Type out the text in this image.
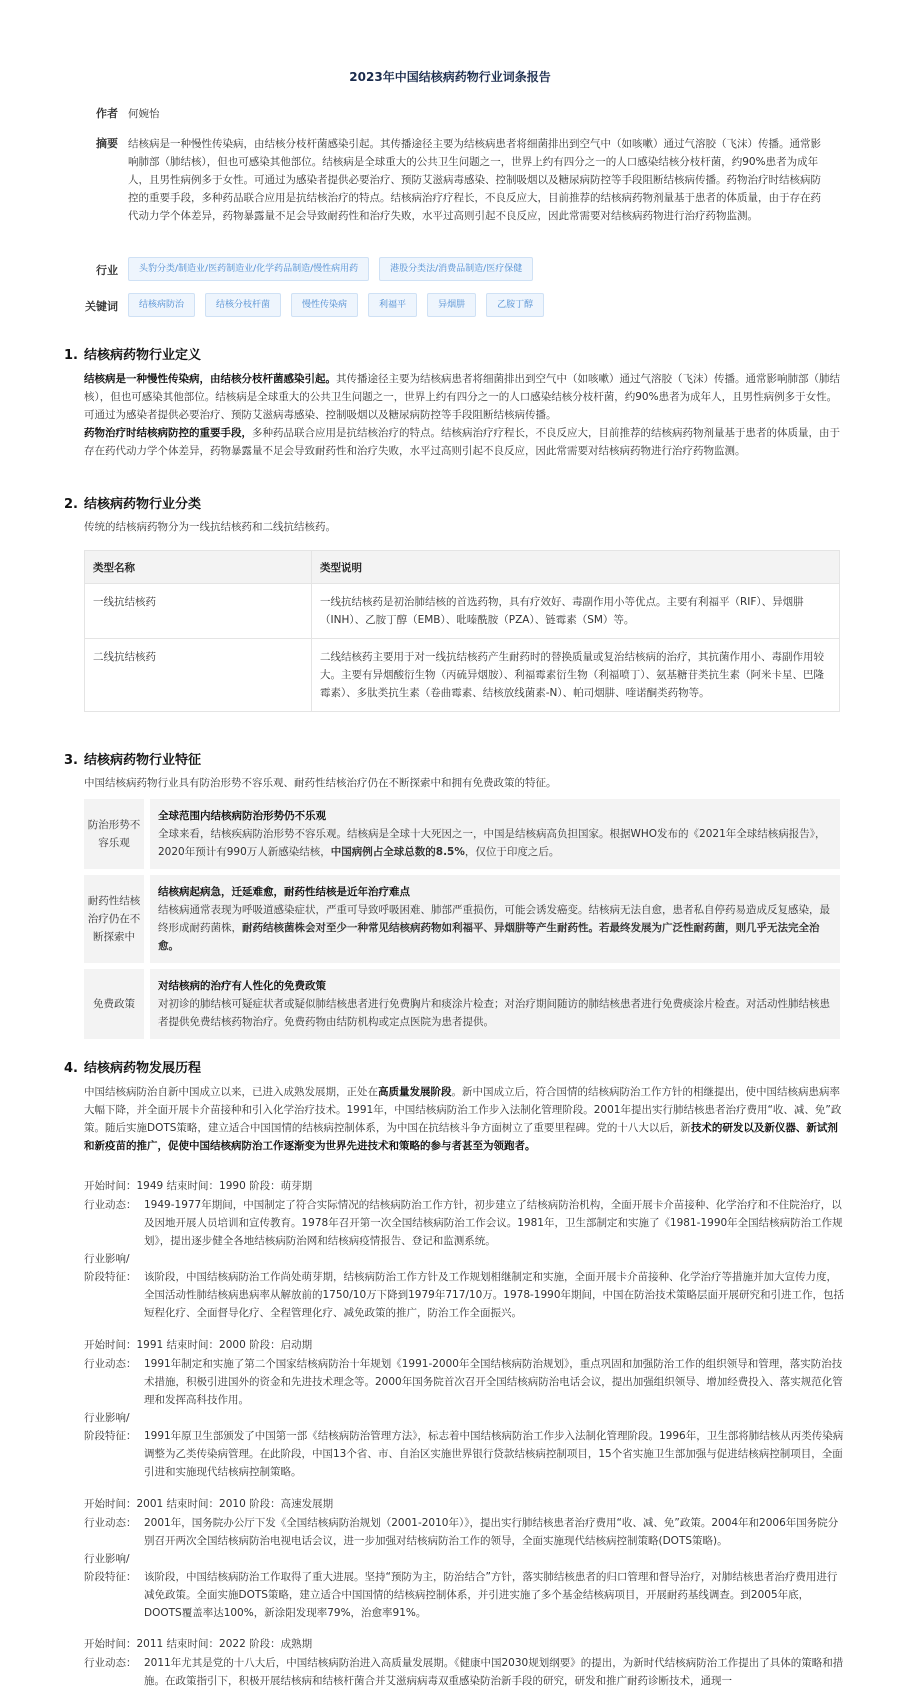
2023年中国结核病药物行业词条报告
作者 何婉怡
摘要 结核病是一种慢性传染病，由结核分枝杆菌感染引起。其传播途径主要为结核病患者将细菌排出到空气中（如咳嗽）通过气溶胶（飞沫）传播。通常影响肺部（肺结核），但也可感染其他部位。结核病是全球重大的公共卫生问题之一，世界上约有四分之一的人口感染结核分枝杆菌，约90%患者为成年人，且男性病例多于女性。可通过为感染者提供必要治疗、预防艾滋病毒感染、控制吸烟以及糖尿病防控等手段阻断结核病传播。药物治疗时结核病防控的重要手段，多种药品联合应用是抗结核治疗的特点。结核病治疗疗程长，不良反应大，目前推荐的结核病药物剂量基于患者的体质量，由于存在药代动力学个体差异，药物暴露量不足会导致耐药性和治疗失败，水平过高则引起不良反应，因此常需要对结核病药物进行治疗药物监测。

行业	头豹分类/制造业/医药制造业/化学药品制造/慢性病用药	港股分类法/消费品制造/医疗保健
关键词	结核病防治	结核分枝杆菌	慢性传染病	利福平	异烟肼	乙胺丁醇
1. 结核病药物行业定义

结核病是一种慢性传染病，由结核分枝杆菌感染引起。其传播途径主要为结核病患者将细菌排出到空气中（如咳嗽）通过气溶胶（飞沫）传播。通常影响肺部（肺结核），但也可感染其他部位。结核病是全球重大的公共卫生问题之一，世界上约有四分之一的人口感染结核分枝杆菌，约90%患者为成年人，且男性病例多于女性。可通过为感染者提供必要治疗、预防艾滋病毒感染、控制吸烟以及糖尿病防控等手段阻断结核病传播。

药物治疗时结核病防控的重要手段，多种药品联合应用是抗结核治疗的特点。结核病治疗疗程长，不良反应大，目前推荐的结核病药物剂量基于患者的体质量，由于存在药代动力学个体差异，药物暴露量不足会导致耐药性和治疗失败，水平过高则引起不良反应，因此常需要对结核病药物进行治疗药物监测。

2. 结核病药物行业分类

传统的结核病药物分为一线抗结核药和二线抗结核药。

类型名称	类型说明
一线抗结核药	一线抗结核药是初治肺结核的首选药物，具有疗效好、毒副作用小等优点。主要有利福平（RIF）、异烟肼（INH）、乙胺丁醇（EMB）、吡嗪酰胺（PZA）、链霉素（SM）等。
二线抗结核药	二线结核药主要用于对一线抗结核药产生耐药时的替换质量或复治结核病的治疗，其抗菌作用小、毒副作用较大。主要有异烟酸衍生物（丙硫异烟胺）、利福霉素衍生物（利福喷丁）、氨基糖苷类抗生素（阿米卡星、巴隆霉素）、多肽类抗生素（卷曲霉素、结核放线菌素-N）、帕司烟肼、喹诺酮类药物等。
3. 结核病药物行业特征

中国结核病药物行业具有防治形势不容乐观、耐药性结核治疗仍在不断探索中和拥有免费政策的特征。

防治形势不容乐观
全球范围内结核病防治形势仍不乐观
全球来看，结核疾病防治形势不容乐观。结核病是全球十大死因之一，中国是结核病高负担国家。根据WHO发布的《2021年全球结核病报告》，2020年预计有990万人新感染结核，中国病例占全球总数的8.5%，仅位于印度之后。
耐药性结核治疗仍在不断探索中
结核病起病急，迁延难愈，耐药性结核是近年治疗难点
结核病通常表现为呼吸道感染症状，严重可导致呼吸困难、肺部严重损伤，可能会诱发癌变。结核病无法自愈，患者私自停药易造成反复感染，最终形成耐药菌株，耐药结核菌株会对至少一种常见结核病药物如利福平、异烟肼等产生耐药性。若最终发展为广泛性耐药菌，则几乎无法完全治愈。
免费政策
对结核病的治疗有人性化的免费政策
对初诊的肺结核可疑症状者或疑似肺结核患者进行免费胸片和痰涂片检查；对治疗期间随访的肺结核患者进行免费痰涂片检查。对活动性肺结核患者提供免费结核药物治疗。免费药物由结防机构或定点医院为患者提供。
4. 结核病药物发展历程

中国结核病防治自新中国成立以来，已进入成熟发展期，正处在高质量发展阶段。新中国成立后，符合国情的结核病防治工作方针的相继提出，使中国结核病患病率大幅下降，并全面开展卡介苗接种和引入化学治疗技术。1991年，中国结核病防治工作步入法制化管理阶段。2001年提出实行肺结核患者治疗费用“收、减、免”政策。随后实施DOTS策略，建立适合中国国情的结核病控制体系，为中国在抗结核斗争方面树立了重要里程碑。党的十八大以后，新技术的研发以及新仪器、新试剂和新疫苗的推广，促使中国结核病防治工作逐渐变为世界先进技术和策略的参与者甚至为领跑者。

开始时间：1949 结束时间：1990 阶段：萌芽期
行业动态： 1949-1977年期间，中国制定了符合实际情况的结核病防治工作方针，初步建立了结核病防治机构，全面开展卡介苗接种、化学治疗和不住院治疗，以及因地开展人员培训和宣传教育。1978年召开第一次全国结核病防治工作会议。1981年，卫生部制定和实施了《1981-1990年全国结核病防治工作规划》，提出逐步健全各地结核病防治网和结核病疫情报告、登记和监测系统。

行业影响/
阶段特征： 该阶段，中国结核病防治工作尚处萌芽期，结核病防治工作方针及工作规划相继制定和实施，全面开展卡介苗接种、化学治疗等措施并加大宣传力度，全国活动性肺结核病患病率从解放前的1750/10万下降到1979年717/10万。1978-1990年期间，中国在防治技术策略层面开展研究和引进工作，包括短程化疗、全面督导化疗、全程管理化疗、减免政策的推广，防治工作全面振兴。

开始时间：1991 结束时间：2000 阶段：启动期
行业动态： 1991年制定和实施了第二个国家结核病防治十年规划《1991-2000年全国结核病防治规划》，重点巩固和加强防治工作的组织领导和管理，落实防治技术措施，积极引进国外的资金和先进技术理念等。2000年国务院首次召开全国结核病防治电话会议，提出加强组织领导、增加经费投入、落实规范化管理和发挥高科技作用。

行业影响/
阶段特征： 1991年原卫生部颁发了中国第一部《结核病防治管理方法》，标志着中国结核病防治工作步入法制化管理阶段。1996年，卫生部将肺结核从丙类传染病调整为乙类传染病管理。在此阶段，中国13个省、市、自治区实施世界银行贷款结核病控制项目，15个省实施卫生部加强与促进结核病控制项目，全面引进和实施现代结核病控制策略。

开始时间：2001 结束时间：2010 阶段：高速发展期
行业动态： 2001年，国务院办公厅下发《全国结核病防治规划（2001-2010年）》，提出实行肺结核患者治疗费用“收、减、免”政策。2004年和2006年国务院分别召开两次全国结核病防治电视电话会议，进一步加强对结核病防治工作的领导，全面实施现代结核病控制策略(DOTS策略)。

行业影响/
阶段特征： 该阶段，中国结核病防治工作取得了重大进展。坚持“预防为主，防治结合”方针，落实肺结核患者的归口管理和督导治疗，对肺结核患者治疗费用进行减免政策。全面实施DOTS策略，建立适合中国国情的结核病控制体系，并引进实施了多个基金结核病项目，开展耐药基线调查。到2005年底，DOOTS覆盖率达100%，新涂阳发现率79%，治愈率91%。

开始时间：2011 结束时间：2022 阶段：成熟期
行业动态： 2011年尤其是党的十八大后，中国结核病防治进入高质量发展期。《健康中国2030规划纲要》的提出，为新时代结核病防治工作提出了具体的策略和措施。在政策指引下，积极开展结核病和结核杆菌合并艾滋病病毒双重感染防治新手段的研究，研发和推广耐药诊断技术，通现一
